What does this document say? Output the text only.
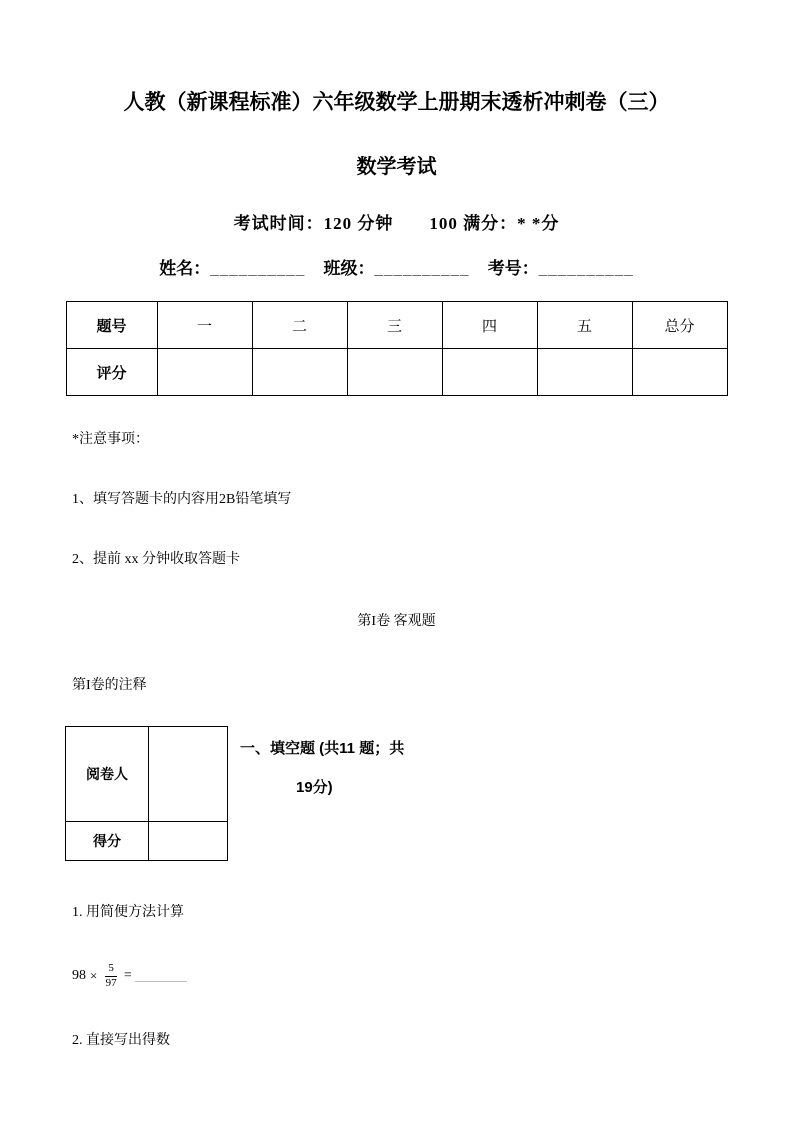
人教（新课程标准）六年级数学上册期末透析冲刺卷（三）
数学考试
考试时间：120 分钟　　100 满分：* *分
姓名：__________ 班级：__________ 考号：__________
题号	一	二	三	四	五	总分
评分						
*注意事项：
1、填写答题卡的内容用2B铅笔填写
2、提前 xx 分钟收取答题卡
第I卷 客观题
第I卷的注释
阅卷人	
得分	
一、填空题 (共11 题；共
19分)
1. 用简便方法计算
$98 \times \frac{5}{97}$ = ________
2. 直接写出得数
